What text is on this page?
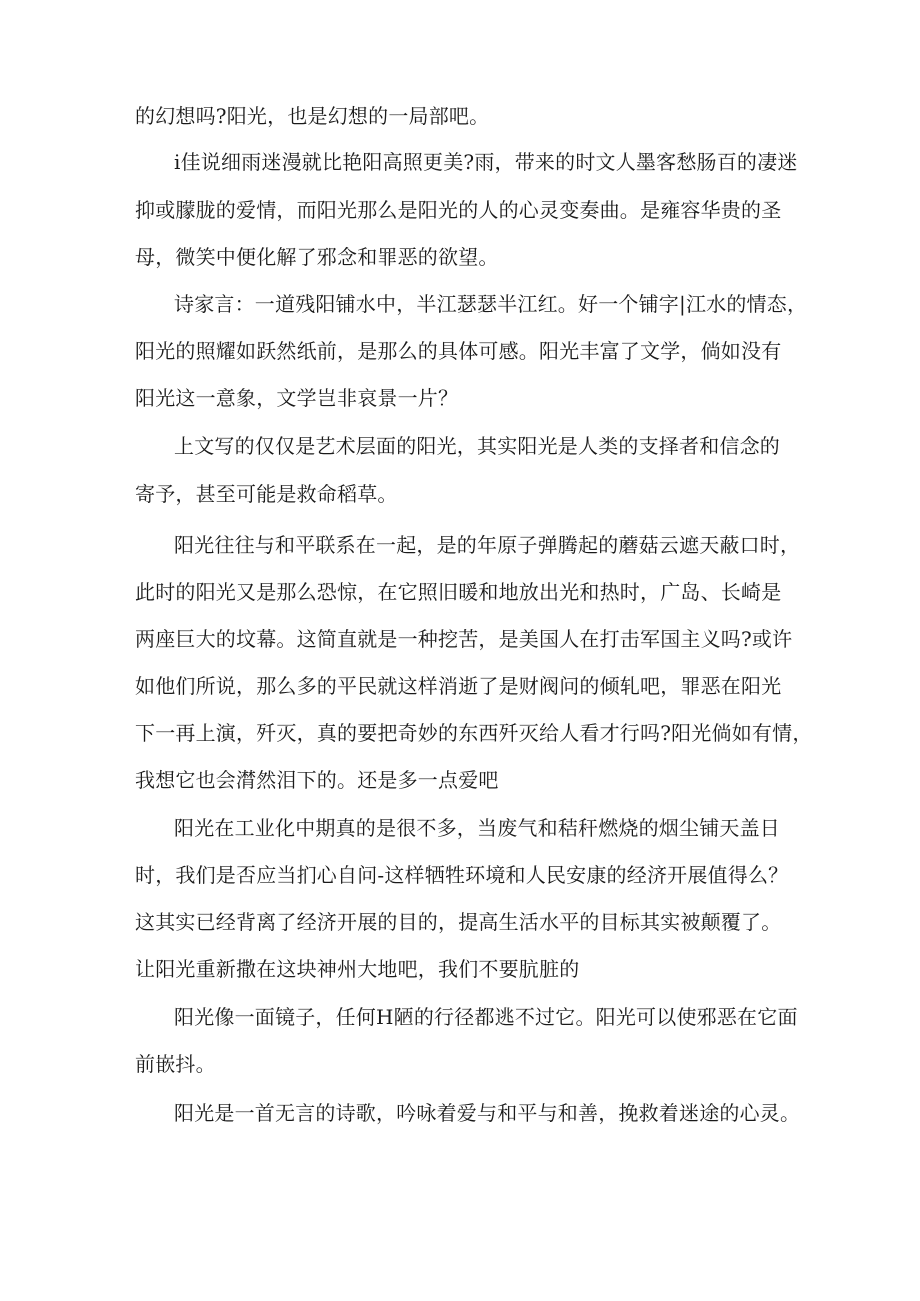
的幻想吗?阳光，也是幻想的一局部吧。
i佳说细雨迷漫就比艳阳高照更美?雨，带来的时文人墨客愁肠百的凄迷
抑或朦胧的爱情，而阳光那么是阳光的人的心灵变奏曲。是雍容华贵的圣
母，微笑中便化解了邪念和罪恶的欲望。
诗家言：一道残阳铺水中，半江瑟瑟半江红。好一个铺字|江水的情态，
阳光的照耀如跃然纸前，是那么的具体可感。阳光丰富了文学，倘如没有
阳光这一意象，文学岂非哀景一片？
上文写的仅仅是艺术层面的阳光，其实阳光是人类的支择者和信念的
寄予，甚至可能是救命稻草。
阳光往往与和平联系在一起，是的年原子弹腾起的蘑菇云遮天蔽口时，
此时的阳光又是那么恐惊，在它照旧暖和地放出光和热时，广岛、长崎是
两座巨大的坟幕。这简直就是一种挖苦，是美国人在打击军国主义吗?或许
如他们所说，那么多的平民就这样消逝了是财阀问的倾轧吧，罪恶在阳光
下一再上演，歼灭，真的要把奇妙的东西歼灭给人看才行吗?阳光倘如有情，
我想它也会潸然泪下的。还是多一点爱吧
阳光在工业化中期真的是很不多，当废气和秸秆燃烧的烟尘铺天盖日
时，我们是否应当扪心自问-这样牺牲环境和人民安康的经济开展值得么？
这其实已经背离了经济开展的目的，提高生活水平的目标其实被颠覆了。
让阳光重新撒在这块神州大地吧，我们不要肮脏的
阳光像一面镜子，任何H陋的行径都逃不过它。阳光可以使邪恶在它面
前嵌抖。
阳光是一首无言的诗歌，吟咏着爱与和平与和善，挽救着迷途的心灵。
